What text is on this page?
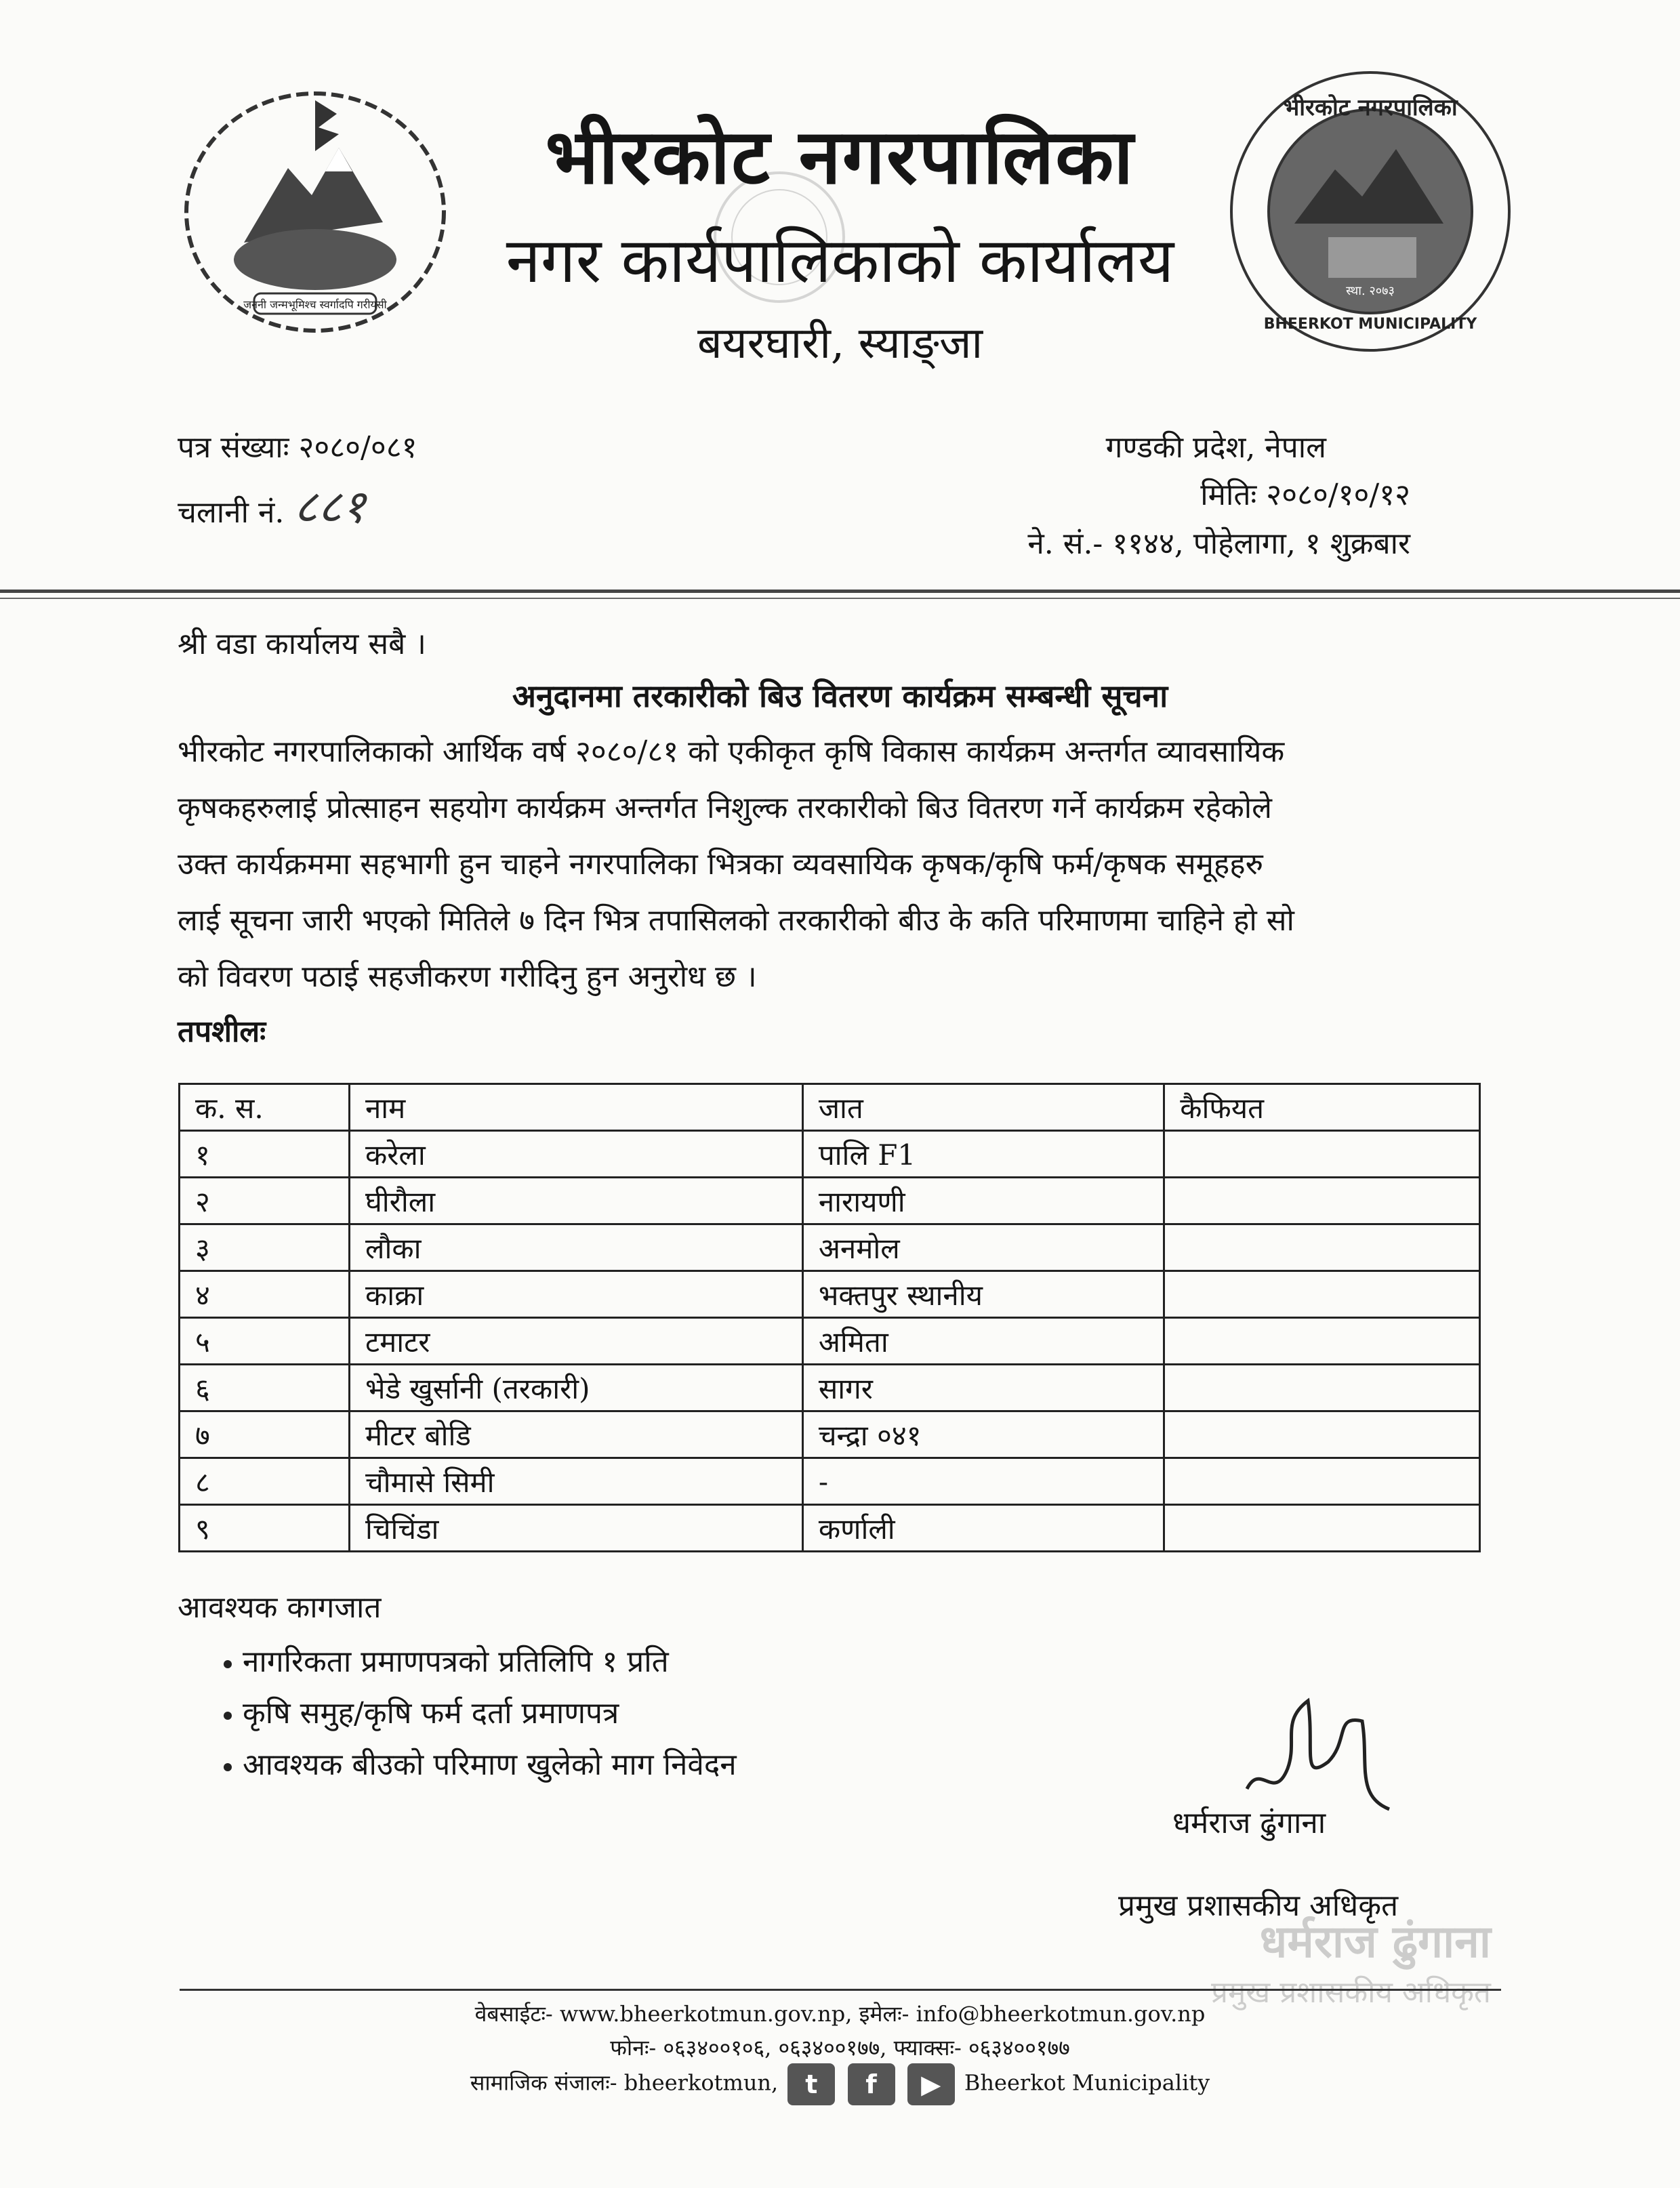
जननी जन्मभूमिश्च स्वर्गादपि गरीयसी
भीरकोट नगरपालिका
BHEERKOT MUNICIPALITY
स्था. २०७३
भीरकोट नगरपालिका
नगर कार्यपालिकाको कार्यालय
बयरघारी, स्याङ्जा
पत्र संख्याः २०८०/०८१
चलानी नं. ८८१
गण्डकी प्रदेश, नेपाल
मितिः २०८०/१०/१२
ने. सं.- ११४४, पोहेलागा, १ शुक्रबार
श्री वडा कार्यालय सबै ।
अनुदानमा तरकारीको बिउ वितरण कार्यक्रम सम्बन्धी सूचना
भीरकोट नगरपालिकाको आर्थिक वर्ष २०८०/८१ को एकीकृत कृषि विकास कार्यक्रम अन्तर्गत व्यावसायिक
कृषकहरुलाई प्रोत्साहन सहयोग कार्यक्रम अन्तर्गत निशुल्क तरकारीको बिउ वितरण गर्ने कार्यक्रम रहेकोले
उक्त कार्यक्रममा सहभागी हुन चाहने नगरपालिका भित्रका व्यवसायिक कृषक/कृषि फर्म/कृषक समूहहरु
लाई सूचना जारी भएको मितिले ७ दिन भित्र तपासिलको तरकारीको बीउ के कति परिमाणमा चाहिने हो सो
को विवरण पठाई सहजीकरण गरीदिनु हुन अनुरोध छ ।
तपशीलः
क. स.	नाम	जात	कैफियत
१	करेला	पालि F1	
२	घीरौला	नारायणी	
३	लौका	अनमोल	
४	काक्रा	भक्तपुर स्थानीय	
५	टमाटर	अमिता	
६	भेडे खुर्सानी (तरकारी)	सागर	
७	मीटर बोडि	चन्द्रा ०४१	
८	चौमासे सिमी	-	
९	चिचिंडा	कर्णाली	
आवश्यक कागजात
नागरिकता प्रमाणपत्रको प्रतिलिपि १ प्रति
कृषि समुह/कृषि फर्म दर्ता प्रमाणपत्र
आवश्यक बीउको परिमाण खुलेको माग निवेदन
धर्मराज ढुंगाना
प्रमुख प्रशासकीय अधिकृत
धर्मराज ढुंगाना
प्रमुख प्रशासकीय अधिकृत
वेबसाईटः- www.bheerkotmun.gov.np, इमेलः- info@bheerkotmun.gov.np
फोनः- ०६३४००१०६, ०६३४००१७७, फ्याक्सः- ०६३४००१७७
सामाजिक संजालः- bheerkotmun, t f ▶ Bheerkot Municipality
